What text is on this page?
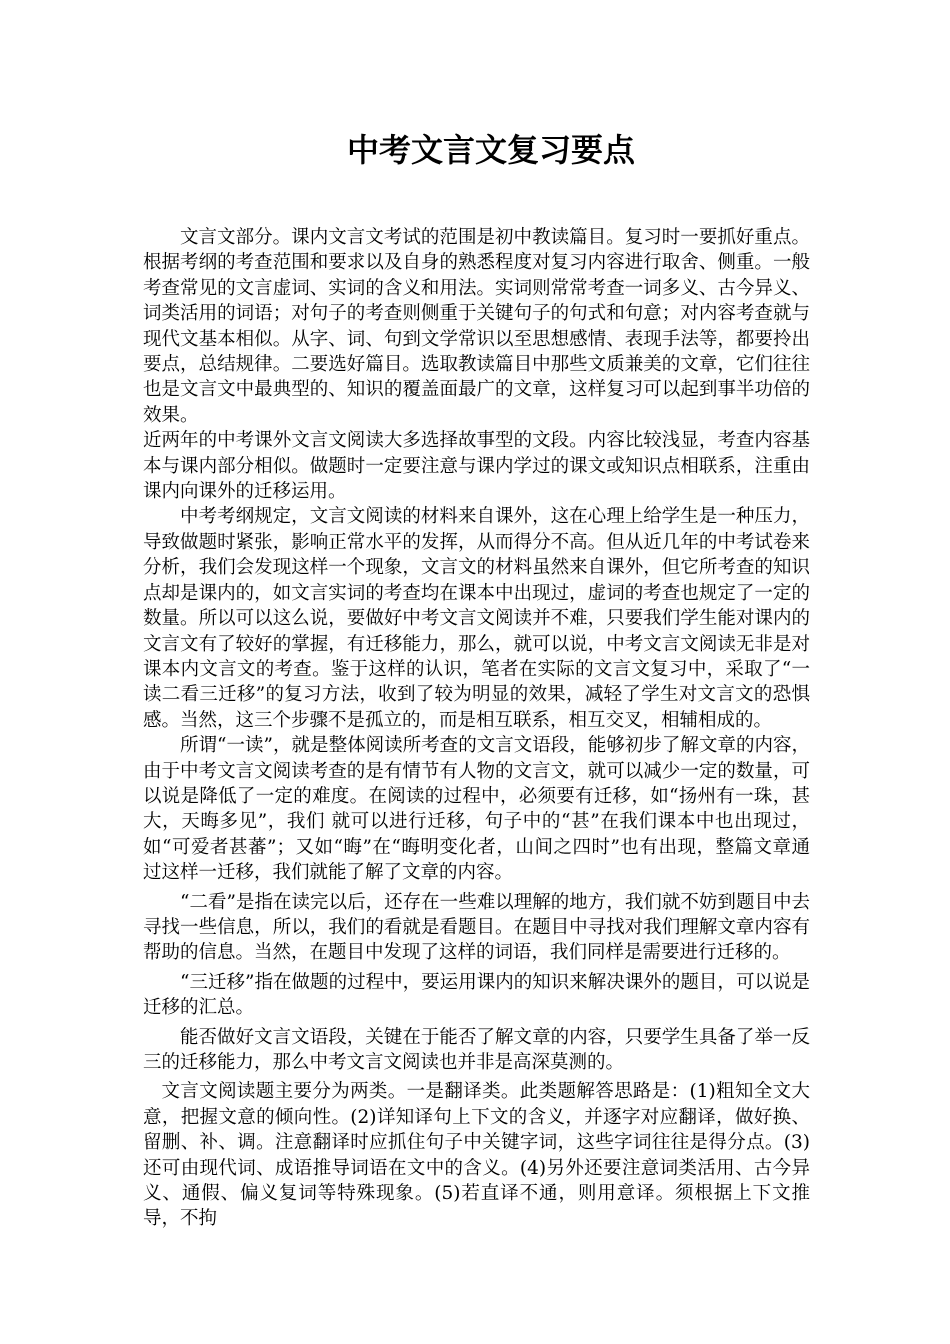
中考文言文复习要点

文言文部分。课内文言文考试的范围是初中教读篇目。复习时一要抓好重点。根据考纲的考查范围和要求以及自身的熟悉程度对复习内容进行取舍、侧重。一般考查常见的文言虚词、实词的含义和用法。实词则常常考查一词多义、古今异义、词类活用的词语；对句子的考查则侧重于关键句子的句式和句意；对内容考查就与现代文基本相似。从字、词、句到文学常识以至思想感情、表现手法等，都要拎出要点，总结规律。二要选好篇目。选取教读篇目中那些文质兼美的文章，它们往往也是文言文中最典型的、知识的覆盖面最广的文章，这样复习可以起到事半功倍的效果。

近两年的中考课外文言文阅读大多选择故事型的文段。内容比较浅显，考查内容基本与课内部分相似。做题时一定要注意与课内学过的课文或知识点相联系，注重由课内向课外的迁移运用。

中考考纲规定，文言文阅读的材料来自课外，这在心理上给学生是一种压力，导致做题时紧张，影响正常水平的发挥，从而得分不高。但从近几年的中考试卷来分析，我们会发现这样一个现象，文言文的材料虽然来自课外，但它所考查的知识点却是课内的，如文言实词的考查均在课本中出现过，虚词的考查也规定了一定的数量。所以可以这么说，要做好中考文言文阅读并不难，只要我们学生能对课内的文言文有了较好的掌握，有迁移能力，那么，就可以说，中考文言文阅读无非是对课本内文言文的考查。鉴于这样的认识，笔者在实际的文言文复习中，采取了“一读二看三迁移”的复习方法，收到了较为明显的效果，减轻了学生对文言文的恐惧感。当然，这三个步骤不是孤立的，而是相互联系，相互交叉，相辅相成的。

所谓“一读”，就是整体阅读所考查的文言文语段，能够初步了解文章的内容，由于中考文言文阅读考查的是有情节有人物的文言文，就可以减少一定的数量，可以说是降低了一定的难度。在阅读的过程中，必须要有迁移，如“扬州有一珠，甚大，天晦多见”，我们 就可以进行迁移，句子中的“甚”在我们课本中也出现过，如“可爱者甚蕃”；又如“晦”在“晦明变化者，山间之四时”也有出现，整篇文章通过这样一迁移，我们就能了解了文章的内容。

“二看”是指在读完以后，还存在一些难以理解的地方，我们就不妨到题目中去寻找一些信息，所以，我们的看就是看题目。在题目中寻找对我们理解文章内容有帮助的信息。当然，在题目中发现了这样的词语，我们同样是需要进行迁移的。

“三迁移”指在做题的过程中，要运用课内的知识来解决课外的题目，可以说是迁移的汇总。

能否做好文言文语段，关键在于能否了解文章的内容，只要学生具备了举一反三的迁移能力，那么中考文言文阅读也并非是高深莫测的。

文言文阅读题主要分为两类。一是翻译类。此类题解答思路是：(1)粗知全文大意，把握文意的倾向性。(2)详知译句上下文的含义，并逐字对应翻译，做好换、留删、补、调。注意翻译时应抓住句子中关键字词，这些字词往往是得分点。(3)还可由现代词、成语推导词语在文中的含义。(4)另外还要注意词类活用、古今异义、通假、偏义复词等特殊现象。(5)若直译不通，则用意译。须根据上下文推导，不拘
